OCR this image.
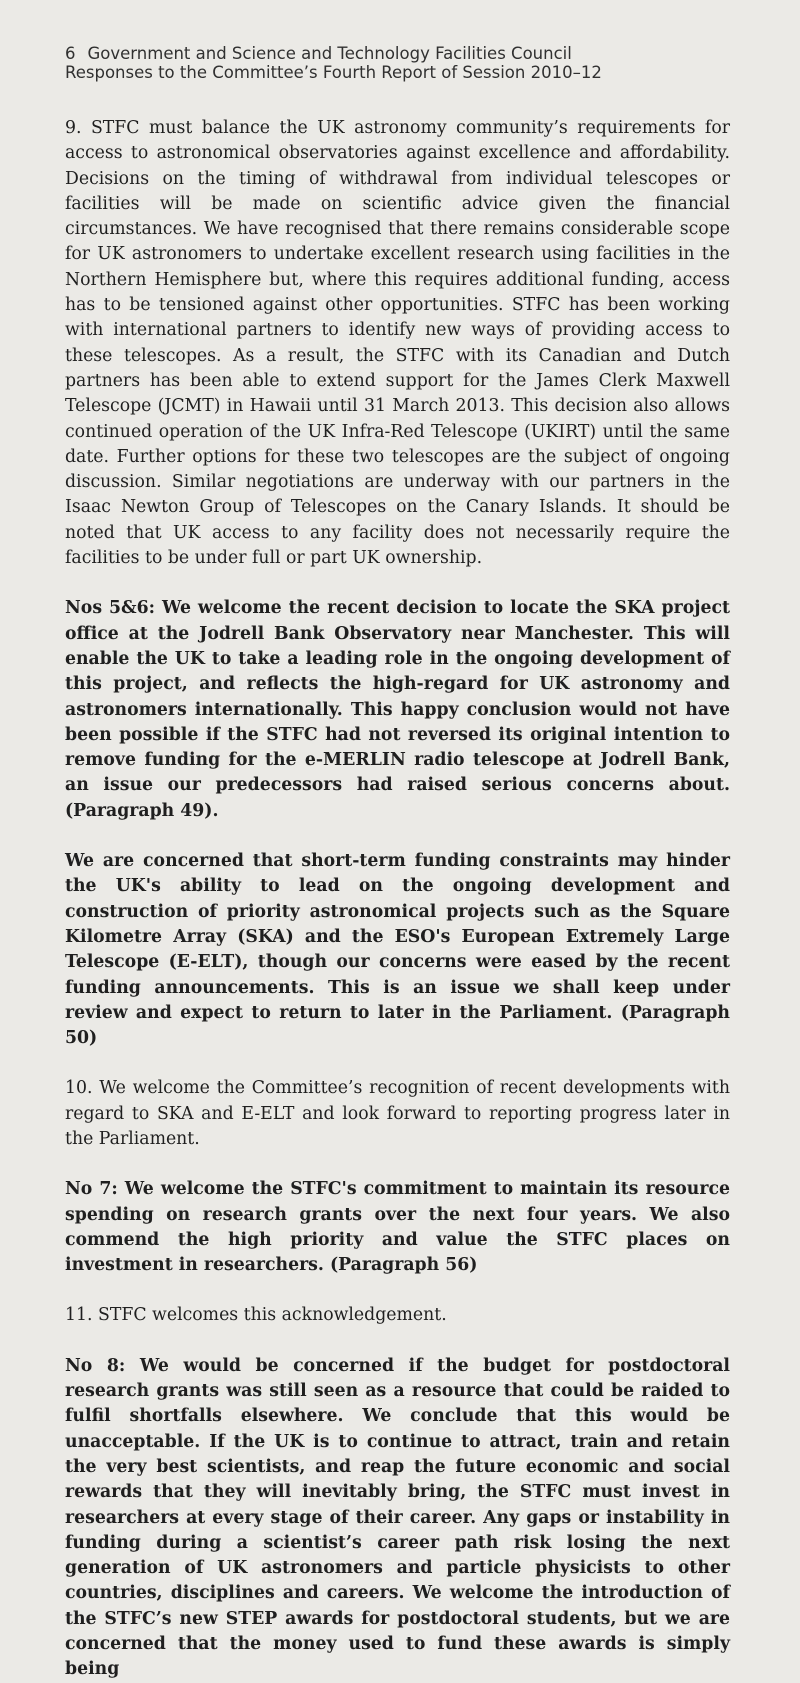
6 Government and Science and Technology Facilities Council
Responses to the Committee’s Fourth Report of Session 2010–12

9. STFC must balance the UK astronomy community’s requirements for access to astronomical observatories against excellence and affordability. Decisions on the timing of withdrawal from individual telescopes or facilities will be made on scientific advice given the financial circumstances. We have recognised that there remains considerable scope for UK astronomers to undertake excellent research using facilities in the Northern Hemisphere but, where this requires additional funding, access has to be tensioned against other opportunities. STFC has been working with international partners to identify new ways of providing access to these telescopes. As a result, the STFC with its Canadian and Dutch partners has been able to extend support for the James Clerk Maxwell Telescope (JCMT) in Hawaii until 31 March 2013. This decision also allows continued operation of the UK Infra-Red Telescope (UKIRT) until the same date. Further options for these two telescopes are the subject of ongoing discussion. Similar negotiations are underway with our partners in the Isaac Newton Group of Telescopes on the Canary Islands. It should be noted that UK access to any facility does not necessarily require the facilities to be under full or part UK ownership.

Nos 5&6: We welcome the recent decision to locate the SKA project office at the Jodrell Bank Observatory near Manchester. This will enable the UK to take a leading role in the ongoing development of this project, and reflects the high-regard for UK astronomy and astronomers internationally. This happy conclusion would not have been possible if the STFC had not reversed its original intention to remove funding for the e-MERLIN radio telescope at Jodrell Bank, an issue our predecessors had raised serious concerns about. (Paragraph 49).

We are concerned that short-term funding constraints may hinder the UK's ability to lead on the ongoing development and construction of priority astronomical projects such as the Square Kilometre Array (SKA) and the ESO's European Extremely Large Telescope (E-ELT), though our concerns were eased by the recent funding announcements. This is an issue we shall keep under review and expect to return to later in the Parliament. (Paragraph 50)

10. We welcome the Committee’s recognition of recent developments with regard to SKA and E-ELT and look forward to reporting progress later in the Parliament.

No 7: We welcome the STFC's commitment to maintain its resource spending on research grants over the next four years. We also commend the high priority and value the STFC places on investment in researchers. (Paragraph 56)

11. STFC welcomes this acknowledgement.

No 8: We would be concerned if the budget for postdoctoral research grants was still seen as a resource that could be raided to fulfil shortfalls elsewhere. We conclude that this would be unacceptable. If the UK is to continue to attract, train and retain the very best scientists, and reap the future economic and social rewards that they will inevitably bring, the STFC must invest in researchers at every stage of their career. Any gaps or instability in funding during a scientist’s career path risk losing the next generation of UK astronomers and particle physicists to other countries, disciplines and careers. We welcome the introduction of the STFC’s new STEP awards for postdoctoral students, but we are concerned that the money used to fund these awards is simply being
